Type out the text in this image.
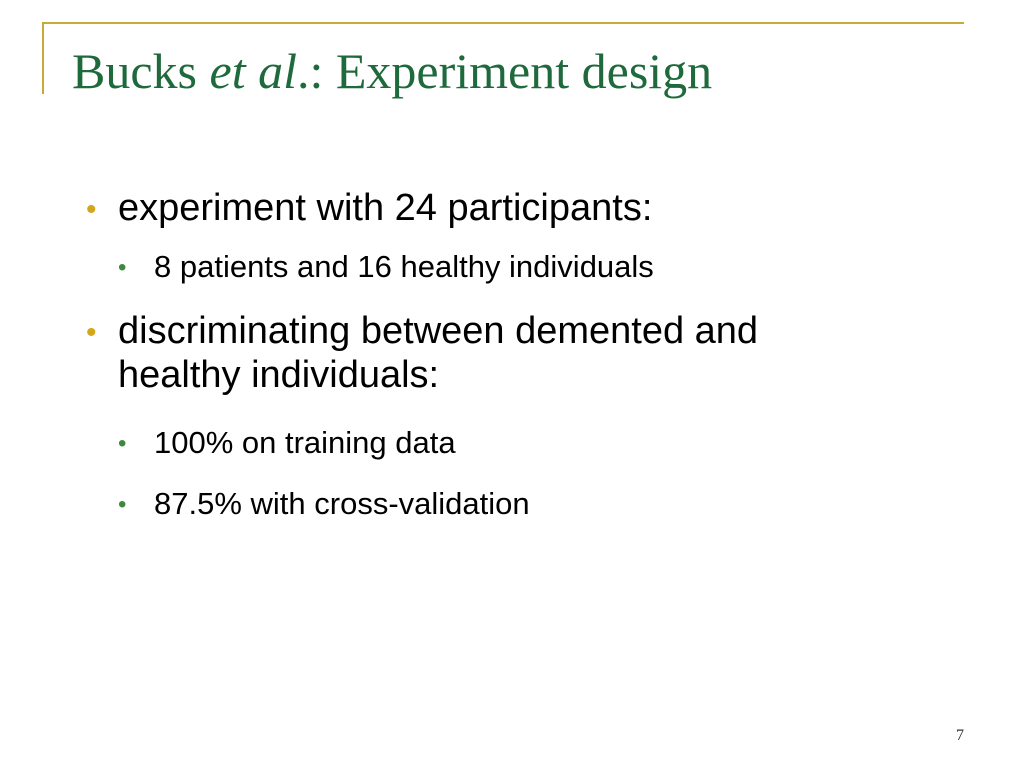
Bucks et al.: Experiment design
• experiment with 24 participants:
• 8 patients and 16 healthy individuals
• discriminating between demented and
healthy individuals:
• 100% on training data
• 87.5% with cross-validation
7
